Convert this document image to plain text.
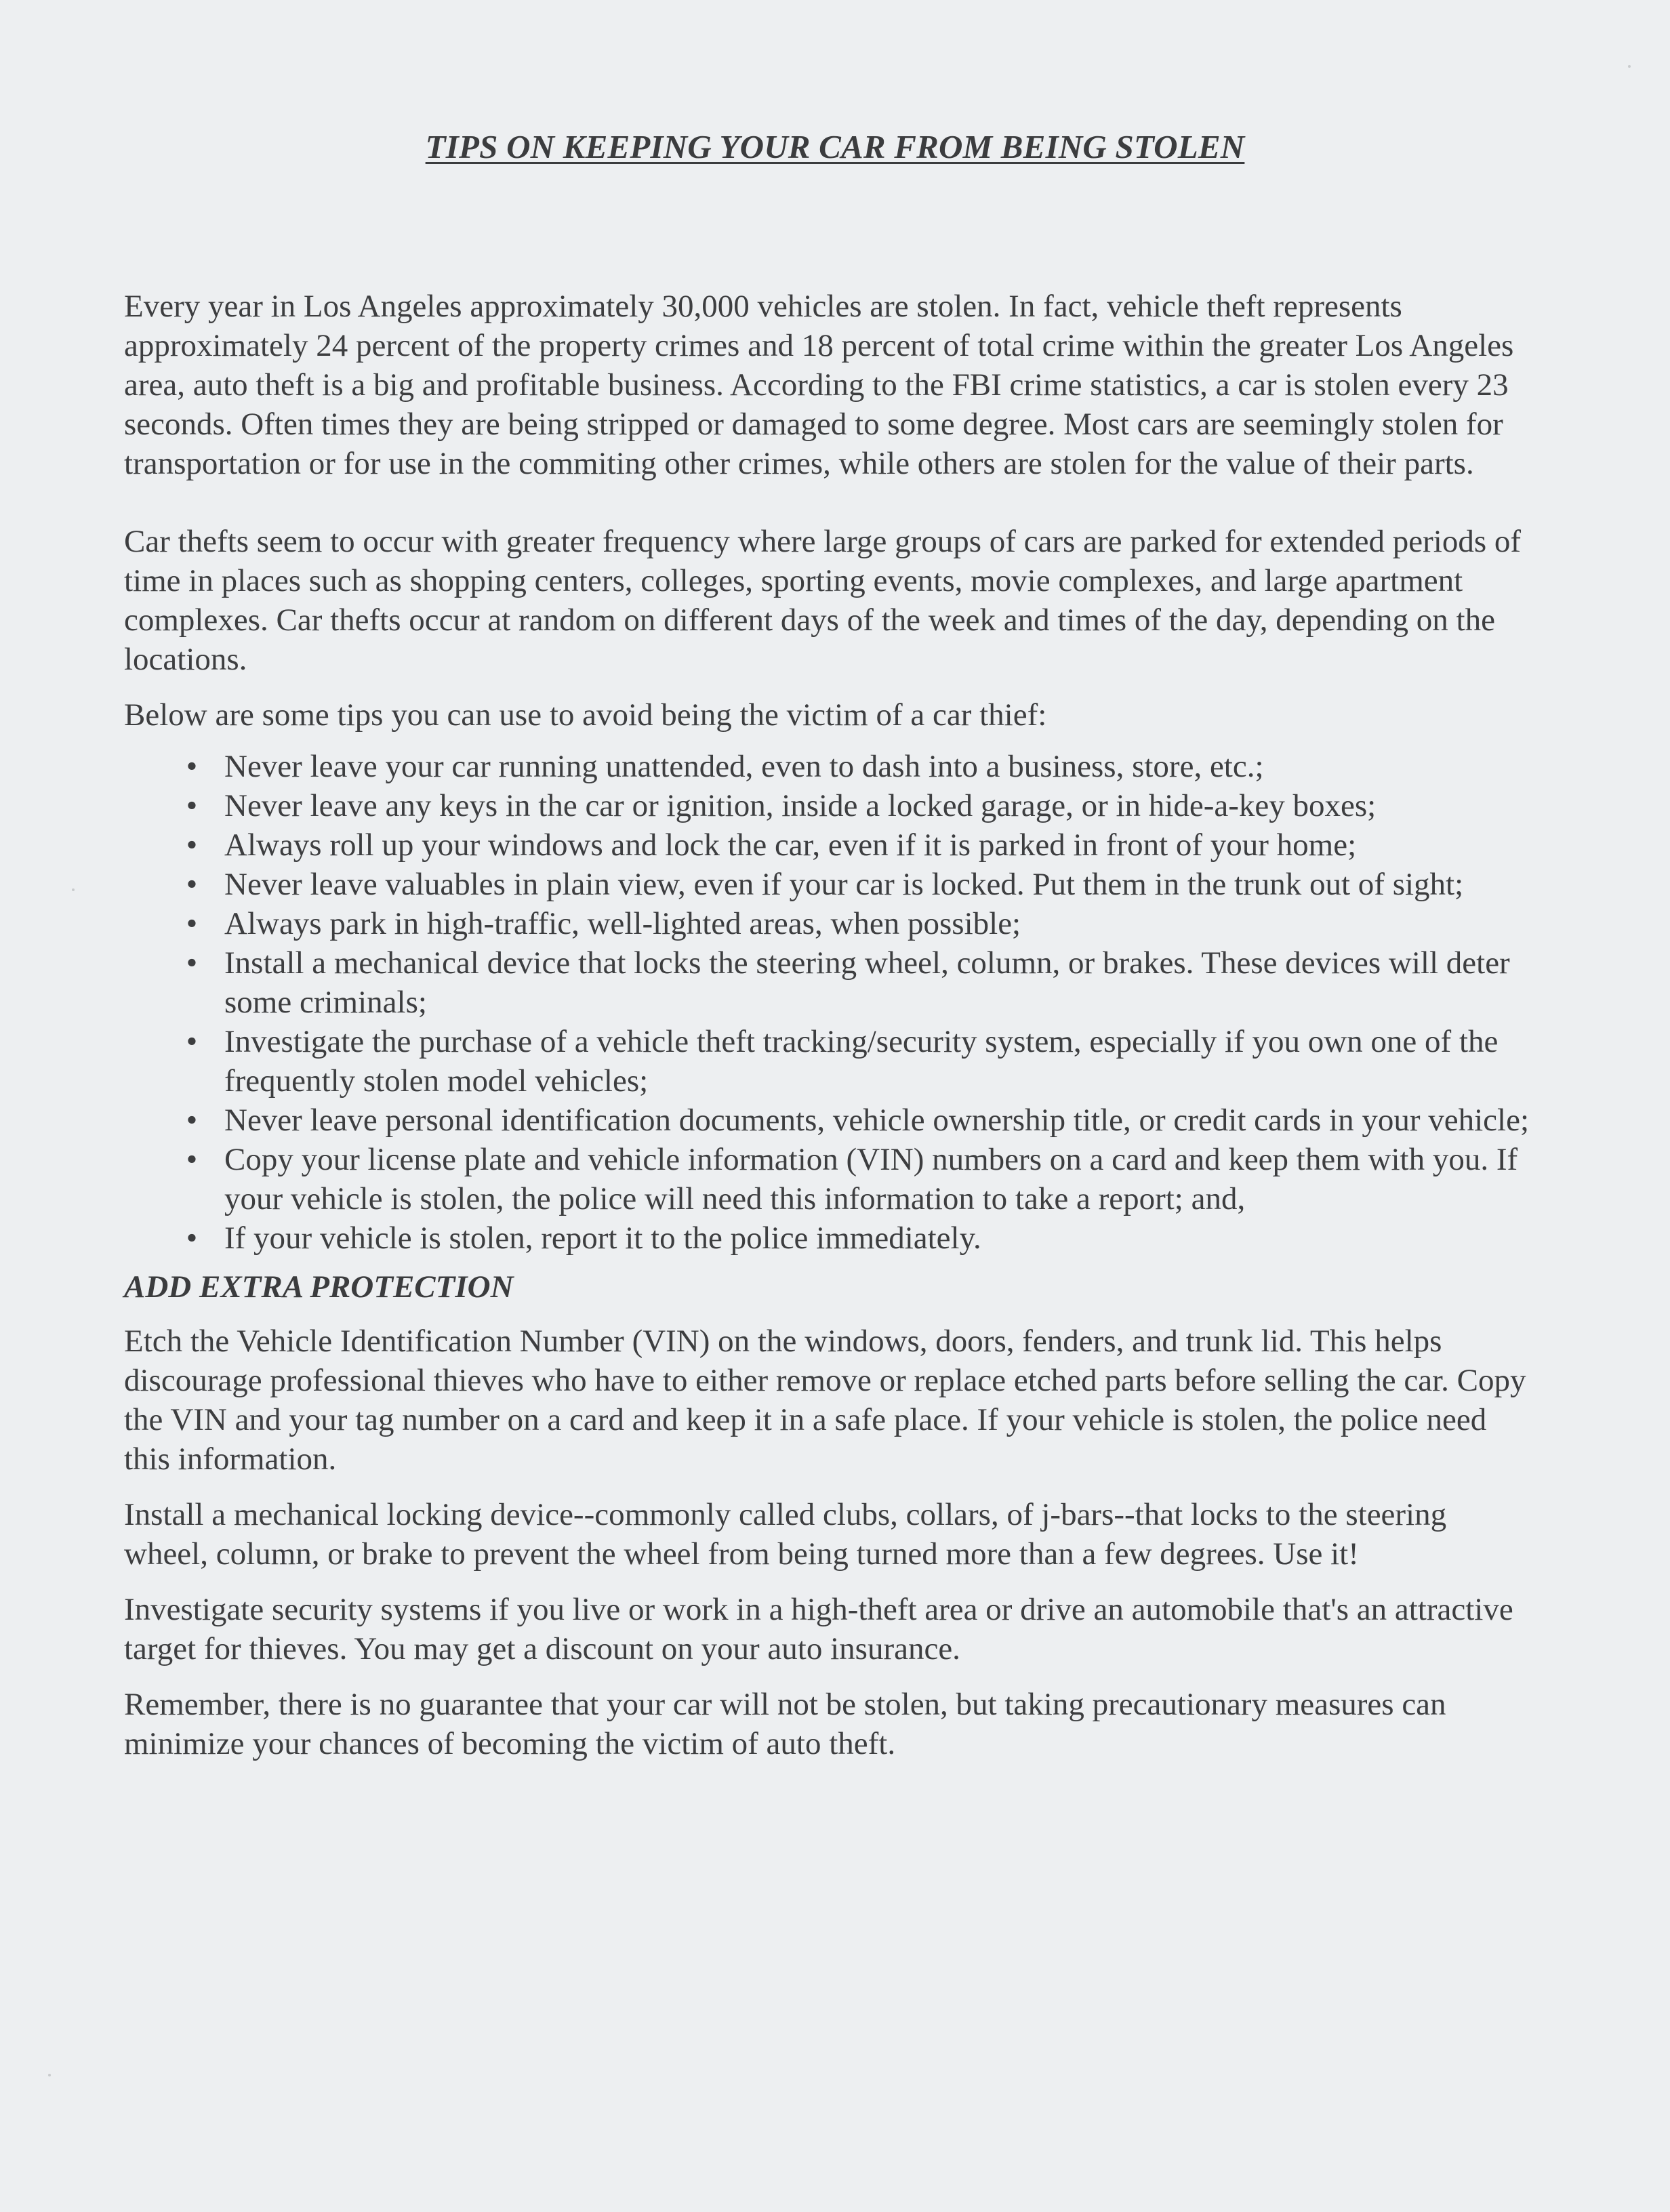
TIPS ON KEEPING YOUR CAR FROM BEING STOLEN

Every year in Los Angeles approximately 30,000 vehicles are stolen. In fact, vehicle theft represents approximately 24 percent of the property crimes and 18 percent of total crime within the greater Los Angeles area, auto theft is a big and profitable business. According to the FBI crime statistics, a car is stolen every 23 seconds. Often times they are being stripped or damaged to some degree. Most cars are seemingly stolen for transportation or for use in the commiting other crimes, while others are stolen for the value of their parts.

Car thefts seem to occur with greater frequency where large groups of cars are parked for extended periods of time in places such as shopping centers, colleges, sporting events, movie complexes, and large apartment complexes. Car thefts occur at random on different days of the week and times of the day, depending on the locations.

Below are some tips you can use to avoid being the victim of a car thief:

• Never leave your car running unattended, even to dash into a business, store, etc.;
• Never leave any keys in the car or ignition, inside a locked garage, or in hide-a-key boxes;
• Always roll up your windows and lock the car, even if it is parked in front of your home;
• Never leave valuables in plain view, even if your car is locked. Put them in the trunk out of sight;
• Always park in high-traffic, well-lighted areas, when possible;
• Install a mechanical device that locks the steering wheel, column, or brakes. These devices will deter some criminals;
• Investigate the purchase of a vehicle theft tracking/security system, especially if you own one of the frequently stolen model vehicles;
• Never leave personal identification documents, vehicle ownership title, or credit cards in your vehicle;
• Copy your license plate and vehicle information (VIN) numbers on a card and keep them with you. If your vehicle is stolen, the police will need this information to take a report; and,
• If your vehicle is stolen, report it to the police immediately.

ADD EXTRA PROTECTION

Etch the Vehicle Identification Number (VIN) on the windows, doors, fenders, and trunk lid. This helps discourage professional thieves who have to either remove or replace etched parts before selling the car. Copy the VIN and your tag number on a card and keep it in a safe place. If your vehicle is stolen, the police need this information.

Install a mechanical locking device--commonly called clubs, collars, of j-bars--that locks to the steering wheel, column, or brake to prevent the wheel from being turned more than a few degrees. Use it!

Investigate security systems if you live or work in a high-theft area or drive an automobile that's an attractive target for thieves. You may get a discount on your auto insurance.

Remember, there is no guarantee that your car will not be stolen, but taking precautionary measures can minimize your chances of becoming the victim of auto theft.
